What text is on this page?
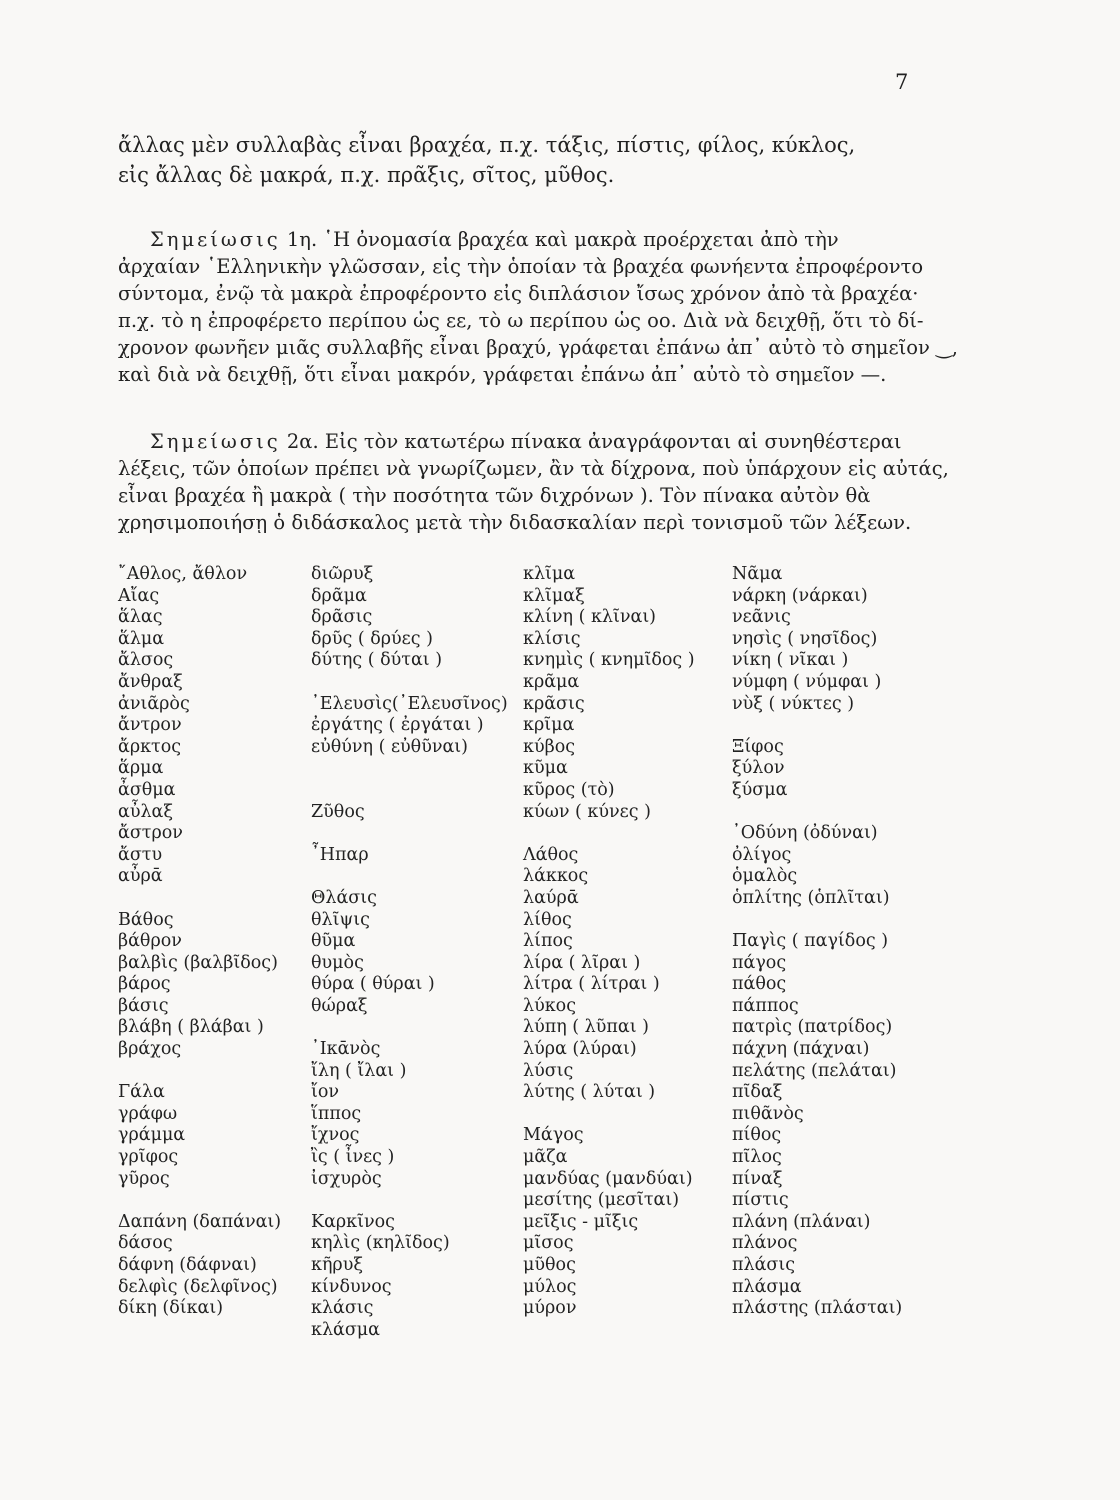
7
ἄλλας μὲν συλλαβὰς εἶναι βραχέα, π.χ. τάξις, πίστις, φίλος, κύκλος,
εἰς ἄλλας δὲ μακρά, π.χ. πρᾶξις, σῖτος, μῦθος.
Σημείωσις 1η. ῾Η ὀνομασία βραχέα καὶ μακρὰ προέρχεται ἀπὸ τὴν
ἀρχαίαν ῾Ελληνικὴν γλῶσσαν, εἰς τὴν ὁποίαν τὰ βραχέα φωνήεντα ἐπροφέροντο
σύντομα, ἐνῷ τὰ μακρὰ ἐπροφέροντο εἰς διπλάσιον ἴσως χρόνον ἀπὸ τὰ βραχέα·
π.χ. τὸ η ἐπροφέρετο περίπου ὡς εε, τὸ ω περίπου ὡς οο. Διὰ νὰ δειχθῇ, ὅτι τὸ δί-
χρονον φωνῆεν μιᾶς συλλαβῆς εἶναι βραχύ, γράφεται ἐπάνω ἀπ᾿ αὐτὸ τὸ σημεῖον ‿,
καὶ διὰ νὰ δειχθῇ, ὅτι εἶναι μακρόν, γράφεται ἐπάνω ἀπ᾿ αὐτὸ τὸ σημεῖον —.
Σημείωσις 2α. Εἰς τὸν κατωτέρω πίνακα ἀναγράφονται αἱ συνηθέστεραι
λέξεις, τῶν ὁποίων πρέπει νὰ γνωρίζωμεν, ἂν τὰ δίχρονα, ποὺ ὑπάρχουν εἰς αὐτάς,
εἶναι βραχέα ἢ μακρὰ ( τὴν ποσότητα τῶν διχρόνων ). Τὸν πίνακα αὐτὸν θὰ
χρησιμοποιήσῃ ὁ διδάσκαλος μετὰ τὴν διδασκαλίαν περὶ τονισμοῦ τῶν λέξεων.
῎Αθλος, ἄθλον
Αἴας
ἅλας
ἅλμα
ἄλσος
ἄνθραξ
ἀνιᾶρὸς
ἄντρον
ἄρκτος
ἅρμα
ἆσθμα
αὖλαξ
ἄστρον
ἄστυ
αὖρᾱ
Βάθος
βάθρον
βαλβὶς (βαλβῖδος)
βάρος
βάσις
βλάβη ( βλάβαι )
βράχος
Γάλα
γράφω
γράμμα
γρῖφος
γῦρος
Δαπάνη (δαπάναι)
δάσος
δάφνη (δάφναι)
δελφὶς (δελφῖνος)
δίκη (δίκαι)
διῶρυξ
δρᾶμα
δρᾶσις
δρῦς ( δρύες )
δύτης ( δύται )
᾿Ελευσὶς(᾿Ελευσῖνος)
ἐργάτης ( ἐργάται )
εὐθύνη ( εὐθῦναι)
Ζῦθος
῏Ηπαρ
Θλάσις
θλῖψις
θῦμα
θυμὸς
θύρα ( θύραι )
θώραξ
᾿Ικᾱνὸς
ἴλη ( ἴλαι )
ἴον
ἵππος
ἴχνος
ἲς ( ἶνες )
ἰσχυρὸς
Καρκῖνος
κηλὶς (κηλῖδος)
κῆρυξ
κίνδυνος
κλάσις
κλάσμα
κλῖμα
κλῖμαξ
κλίνη ( κλῖναι)
κλίσις
κνημὶς ( κνημῖδος )
κρᾶμα
κρᾶσις
κρῖμα
κύβος
κῦμα
κῦρος (τὸ)
κύων ( κύνες )
Λάθος
λάκκος
λαύρᾱ
λίθος
λίπος
λίρα ( λῖραι )
λίτρα ( λίτραι )
λύκος
λύπη ( λῦπαι )
λύρα (λύραι)
λύσις
λύτης ( λύται )
Μάγος
μᾶζα
μανδύας (μανδύαι)
μεσίτης (μεσῖται)
μεῖξις - μῖξις
μῖσος
μῦθος
μύλος
μύρον
Νᾶμα
νάρκη (νάρκαι)
νεᾶνις
νησὶς ( νησῖδος)
νίκη ( νῖκαι )
νύμφη ( νύμφαι )
νὺξ ( νύκτες )
Ξίφος
ξύλον
ξύσμα
᾿Οδύνη (ὀδύναι)
ὀλίγος
ὁμαλὸς
ὁπλίτης (ὁπλῖται)
Παγὶς ( παγίδος )
πάγος
πάθος
πάππος
πατρὶς (πατρίδος)
πάχνη (πάχναι)
πελάτης (πελάται)
πῖδαξ
πιθᾶνὸς
πίθος
πῖλος
πίναξ
πίστις
πλάνη (πλάναι)
πλάνος
πλάσις
πλάσμα
πλάστης (πλάσται)
